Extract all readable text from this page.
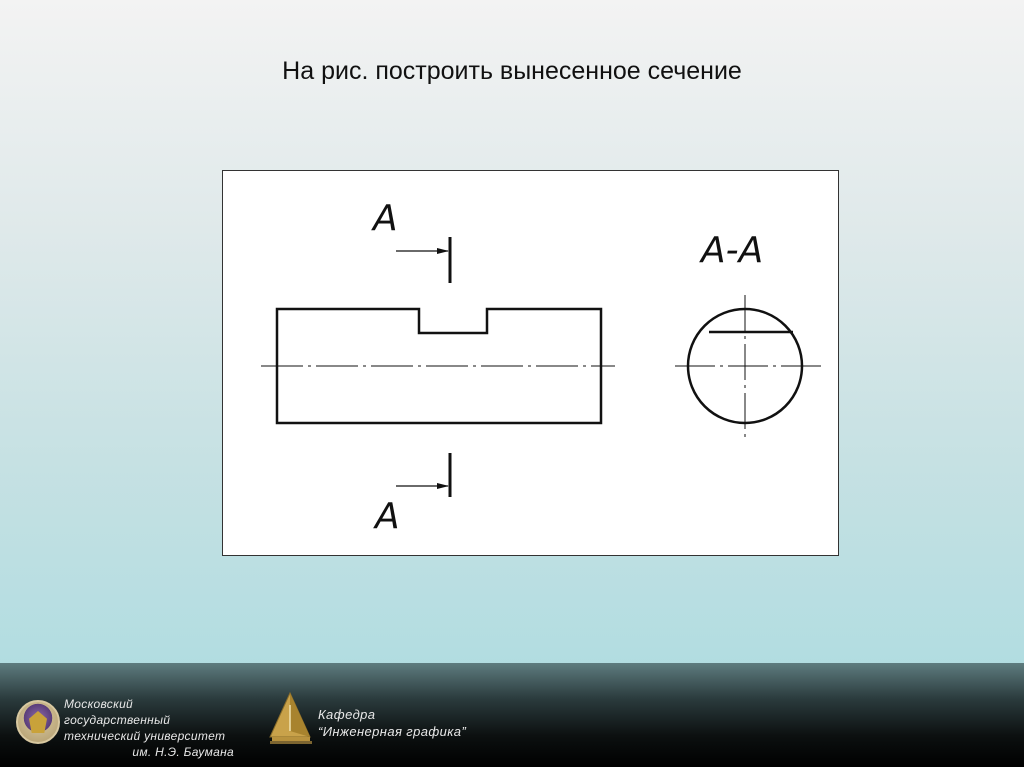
На рис. построить вынесенное сечение
А
А
А-А
Московский государственный
технический университет
им. Н.Э. Баумана
Кафедра
“Инженерная графика”
